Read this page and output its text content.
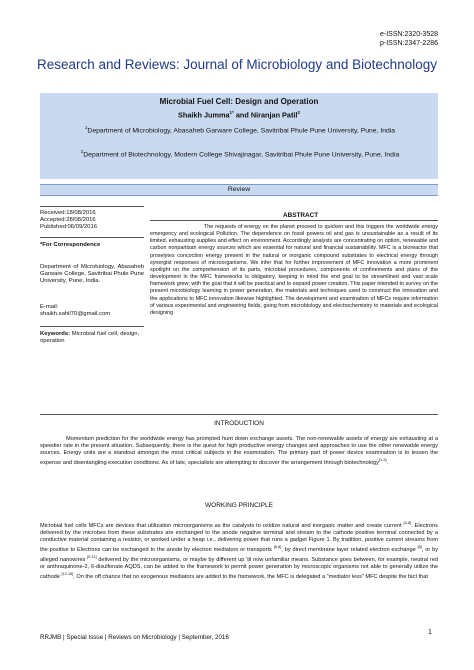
e-ISSN:2320-3528
p-ISSN:2347-2286
Research and Reviews: Journal of Microbiology and Biotechnology
Microbial Fuel Cell: Design and Operation
Shaikh Jumma$^{1*}$ and Niranjan Patil$^2$
$^1$Department of Microbiology, Abasaheb Garware College, Savitribai Phule Pune University, Pune, India
$^2$Department of Biotechnology, Modern College Shivajinagar, Savitribai Phule Pune University, Pune, India
Review
Received:18/08/2016
Accepted:28/08/2016
Published:06/09/2016
*For Correspondence
Department of Microbiology, Abasaheb Garware College, Savitribai Phule Pune University, Pune, India.
E-mail:
shaikh.sahil70@gmail.com
Keywords: Microbial fuel cell, design, operation
ABSTRACT
The requests of energy on the planet proceed to quicken and this triggers the worldwide energy emergency and ecological Pollution. The dependence on fossil powers oil and gas is unsustainable as a result of its limited, exhausting supplies and effect on environment. Accordingly analysts are concentrating on option, renewable and carbon nonpartisan energy sources which are essential for natural and financial sustainability. MFC is a bioreactor that proselytes concoction energy present in the natural or inorganic compound substrates to electrical energy through synergist responses of microorganisms. We infer that for further improvement of MFC innovation a more prominent spotlight on the comprehension of its parts, microbial procedures, components of confinements and plans of the development in the MFC frameworks is obligatory, keeping in mind the end goal to be streamlined and vast scale framework grew; with the goal that it will be practical and to expand power creation. This paper intended to survey on the present microbiology learning in power generation, the materials and techniques used to construct the innovation and the applications to MFC innovation likewise highlighted. The development and examination of MFCs require information of various experimental and engineering fields, going from microbiology and electrochemistry to materials and ecological designing
INTRODUCTION
Momentum prediction for the worldwide energy has prompted hunt down exchange assets. The non-renewable assets of energy are exhausting at a speedier rate in the present situation. Subsequently, there is the quest for high productive energy changes and approaches to use the other renewable energy sources. Energy units are a standout amongst the most critical subjects in the examination. The primary part of power device examination is to lessen the expense and disentangling execution conditions. As of late, specialists are attempting to discover the arrangement through biotechnology[1-3].
WORKING PRINCIPLE
Microbial fuel cells MFCs are devices that utilization microorganisms as the catalysts to oxidize natural and inorganic matter and create current [4-8]. Electrons delivered by the microbes from these substrates are exchanged to the anode negative terminal and stream to the cathode positive terminal connected by a conductive material containing a resistor, or worked under a heap i.e., delivering power that runs a gadget Figure 1. By tradition, positive current streams from the positive to Electrons can be exchanged to the anode by electron mediators or transports [6-8], by direct membrane layer related electron exchange [8], or by alleged nanowires [9-11] delivered by the microorganisms, or maybe by different up 'til now unfamiliar means. Substance goes between, for example, neutral red or anthraquinone-2, 6-disulfonate AQDS, can be added to the framework to permit power generation by microscopic organisms not able to generally utilize the cathode [12-16]. On the off chance that no exogenous mediators are added to the framework, the MFC is delegated a "mediator less" MFC despite the fact that
RRJMB | Special Issue | Reviews on Microbiology | September, 2016
1
